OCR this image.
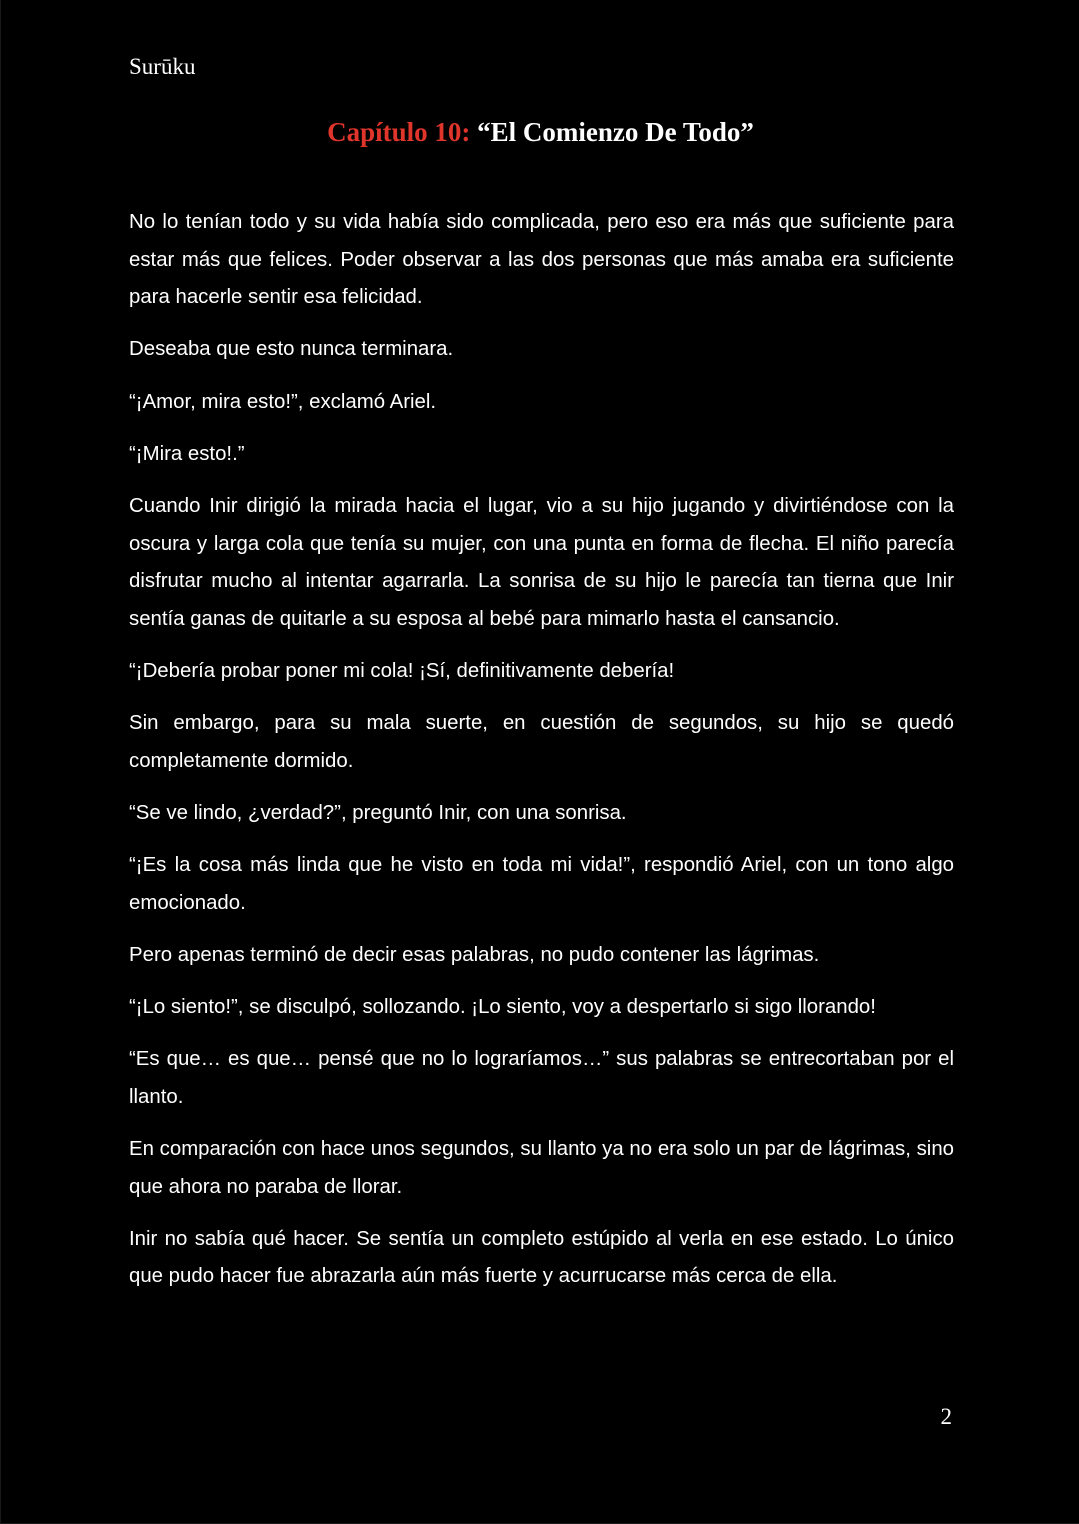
Surūku

Capítulo 10: “El Comienzo De Todo”

No lo tenían todo y su vida había sido complicada, pero eso era más que suficiente para estar más que felices. Poder observar a las dos personas que más amaba era suficiente para hacerle sentir esa felicidad.

Deseaba que esto nunca terminara.

“¡Amor, mira esto!”, exclamó Ariel.

“¡Mira esto!.”

Cuando Inir dirigió la mirada hacia el lugar, vio a su hijo jugando y divirtiéndose con la oscura y larga cola que tenía su mujer, con una punta en forma de flecha. El niño parecía disfrutar mucho al intentar agarrarla. La sonrisa de su hijo le parecía tan tierna que Inir sentía ganas de quitarle a su esposa al bebé para mimarlo hasta el cansancio.

“¡Debería probar poner mi cola! ¡Sí, definitivamente debería!

Sin embargo, para su mala suerte, en cuestión de segundos, su hijo se quedó completamente dormido.

“Se ve lindo, ¿verdad?”, preguntó Inir, con una sonrisa.

“¡Es la cosa más linda que he visto en toda mi vida!”, respondió Ariel, con un tono algo emocionado.

Pero apenas terminó de decir esas palabras, no pudo contener las lágrimas.

“¡Lo siento!”, se disculpó, sollozando. ¡Lo siento, voy a despertarlo si sigo llorando!

“Es que… es que… pensé que no lo lograríamos…” sus palabras se entrecortaban por el llanto.

En comparación con hace unos segundos, su llanto ya no era solo un par de lágrimas, sino que ahora no paraba de llorar.

Inir no sabía qué hacer. Se sentía un completo estúpido al verla en ese estado. Lo único que pudo hacer fue abrazarla aún más fuerte y acurrucarse más cerca de ella.

2
